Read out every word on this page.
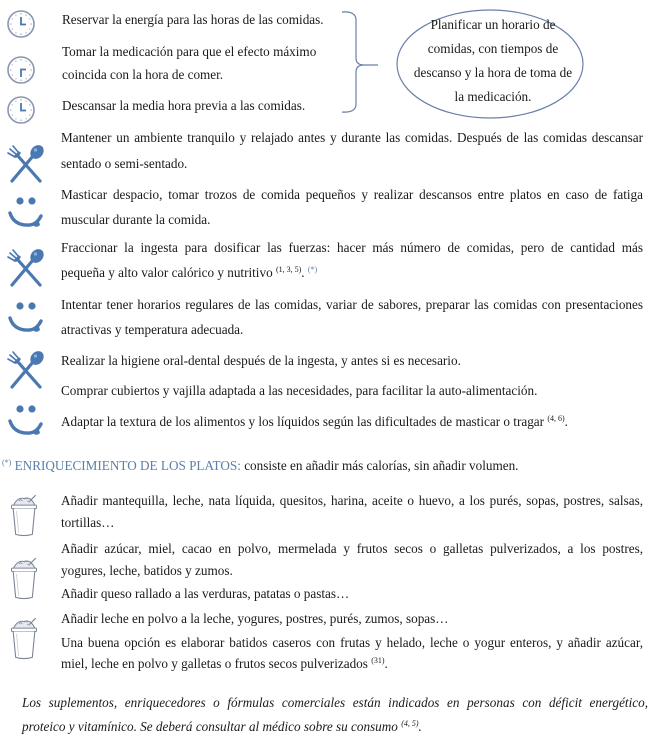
Reservar la energía para las horas de las comidas.
Tomar la medicación para que el efecto máximo
coincida con la hora de comer.
Descansar la media hora previa a las comidas.
Planificar un horario de
comidas, con tiempos de
descanso y la hora de toma de
la medicación.
Mantener un ambiente tranquilo y relajado antes y durante las comidas. Después de las comidas descansar
sentado o semi-sentado.
Masticar despacio, tomar trozos de comida pequeños y realizar descansos entre platos en caso de fatiga
muscular durante la comida.
Fraccionar la ingesta para dosificar las fuerzas: hacer más número de comidas, pero de cantidad más
pequeña y alto valor calórico y nutritivo $^{(1, 3, 5)}$. (*)
Intentar tener horarios regulares de las comidas, variar de sabores, preparar las comidas con presentaciones
atractivas y temperatura adecuada.
Realizar la higiene oral-dental después de la ingesta, y antes si es necesario.
Comprar cubiertos y vajilla adaptada a las necesidades, para facilitar la auto-alimentación.
Adaptar la textura de los alimentos y los líquidos según las dificultades de masticar o tragar $^{(4, 6)}$.
(*) ENRIQUECIMIENTO DE LOS PLATOS: consiste en añadir más calorías, sin añadir volumen.
Añadir mantequilla, leche, nata líquida, quesitos, harina, aceite o huevo, a los purés, sopas, postres, salsas,
tortillas…
Añadir azúcar, miel, cacao en polvo, mermelada y frutos secos o galletas pulverizados, a los postres,
yogures, leche, batidos y zumos.
Añadir queso rallado a las verduras, patatas o pastas…
Añadir leche en polvo a la leche, yogures, postres, purés, zumos, sopas…
Una buena opción es elaborar batidos caseros con frutas y helado, leche o yogur enteros, y añadir azúcar,
miel, leche en polvo y galletas o frutos secos pulverizados $^{(31)}$.
Los suplementos, enriquecedores o fórmulas comerciales están indicados en personas con déficit energético,
proteico y vitamínico. Se deberá consultar al médico sobre su consumo $^{(4, 5)}$.
